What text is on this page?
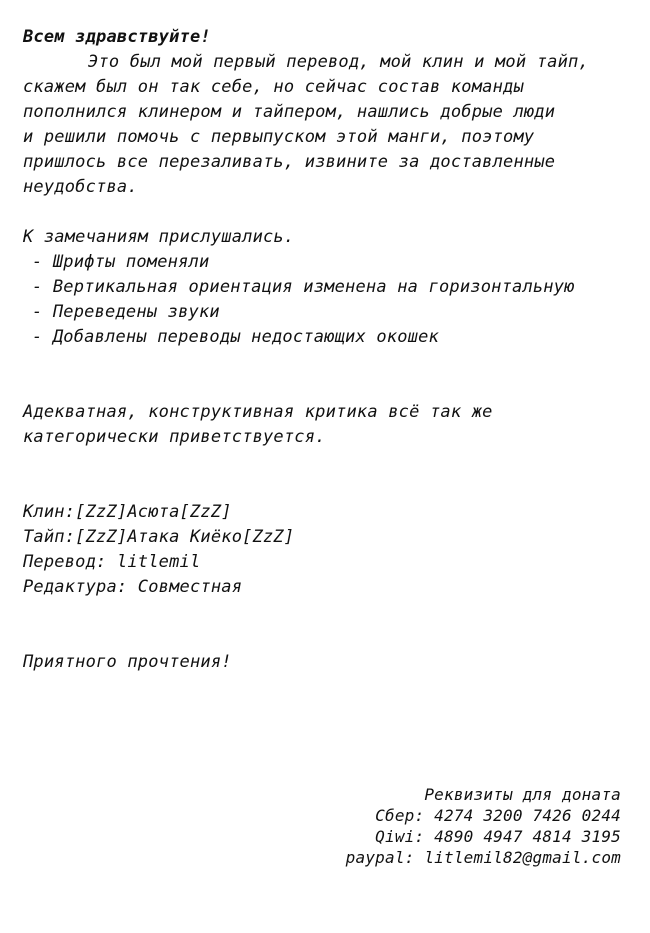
Всем здравствуйте!
Это был мой первый перевод, мой клин и мой тайп,
скажем был он так себе, но сейчас состав команды
пополнился клинером и тайпером, нашлись добрые люди
и решили помочь с первыпуском этой манги, поэтому
пришлось все перезаливать, извините за доставленные
неудобства.
К замечаниям прислушались.
- Шрифты поменяли
- Вертикальная ориентация изменена на горизонтальную
- Переведены звуки
- Добавлены переводы недостающих окошек
Адекватная, конструктивная критика всё так же
категорически приветствуется.
Клин:[ZzZ]Асюта[ZzZ]
Тайп:[ZzZ]Атака Киёко[ZzZ]
Перевод: litlemil
Редактура: Совместная
Приятного прочтения!
Реквизиты для доната
Сбер: 4274 3200 7426 0244
Qiwi: 4890 4947 4814 3195
paypal: litlemil82@gmail.com
